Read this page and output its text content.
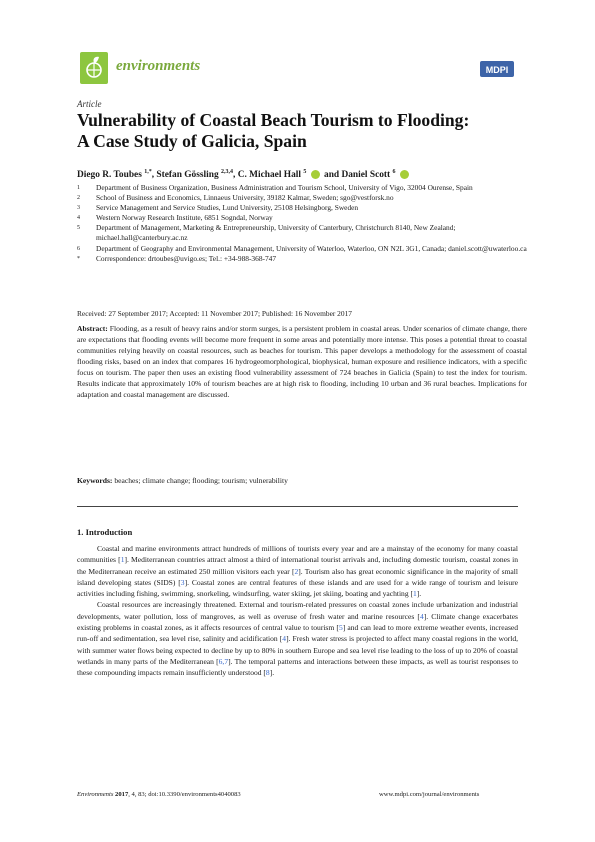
environments	MDPI
Article
Vulnerability of Coastal Beach Tourism to Flooding:
A Case Study of Galicia, Spain
Diego R. Toubes $^{1,*}$, Stefan Gössling $^{2,3,4}$, C. Michael Hall $^5$ and Daniel Scott $^6$
1	Department of Business Organization, Business Administration and Tourism School, University of Vigo, 32004 Ourense, Spain
2	School of Business and Economics, Linnaeus University, 39182 Kalmar, Sweden; sgo@vestforsk.no
3	Service Management and Service Studies, Lund University, 25108 Helsingborg, Sweden
4	Western Norway Research Institute, 6851 Sogndal, Norway
5	Department of Management, Marketing & Entrepreneurship, University of Canterbury, Christchurch 8140, New Zealand; michael.hall@canterbury.ac.nz
6	Department of Geography and Environmental Management, University of Waterloo, Waterloo, ON N2L 3G1, Canada; daniel.scott@uwaterloo.ca
*	Correspondence: drtoubes@uvigo.es; Tel.: +34-988-368-747
Received: 27 September 2017; Accepted: 11 November 2017; Published: 16 November 2017
Abstract: Flooding, as a result of heavy rains and/or storm surges, is a persistent problem in coastal areas. Under scenarios of climate change, there are expectations that flooding events will become more frequent in some areas and potentially more intense. This poses a potential threat to coastal communities relying heavily on coastal resources, such as beaches for tourism. This paper develops a methodology for the assessment of coastal flooding risks, based on an index that compares 16 hydrogeomorphological, biophysical, human exposure and resilience indicators, with a specific focus on tourism. The paper then uses an existing flood vulnerability assessment of 724 beaches in Galicia (Spain) to test the index for tourism. Results indicate that approximately 10% of tourism beaches are at high risk to flooding, including 10 urban and 36 rural beaches. Implications for adaptation and coastal management are discussed.
Keywords: beaches; climate change; flooding; tourism; vulnerability
1. Introduction

Coastal and marine environments attract hundreds of millions of tourists every year and are a mainstay of the economy for many coastal communities [1]. Mediterranean countries attract almost a third of international tourist arrivals and, including domestic tourism, coastal zones in the Mediterranean receive an estimated 250 million visitors each year [2]. Tourism also has great economic significance in the majority of small island developing states (SIDS) [3]. Coastal zones are central features of these islands and are used for a wide range of tourism and leisure activities including fishing, swimming, snorkeling, windsurfing, water skiing, jet skiing, boating and yachting [1].

Coastal resources are increasingly threatened. External and tourism-related pressures on coastal zones include urbanization and industrial developments, water pollution, loss of mangroves, as well as overuse of fresh water and marine resources [4]. Climate change exacerbates existing problems in coastal zones, as it affects resources of central value to tourism [5] and can lead to more extreme weather events, increased run-off and sedimentation, sea level rise, salinity and acidification [4]. Fresh water stress is projected to affect many coastal regions in the world, with summer water flows being expected to decline by up to 80% in southern Europe and sea level rise leading to the loss of up to 20% of coastal wetlands in many parts of the Mediterranean [6,7]. The temporal patterns and interactions between these impacts, as well as tourist responses to these compounding impacts remain insufficiently understood [8].

Environments 2017, 4, 83; doi:10.3390/environments4040083	www.mdpi.com/journal/environments
